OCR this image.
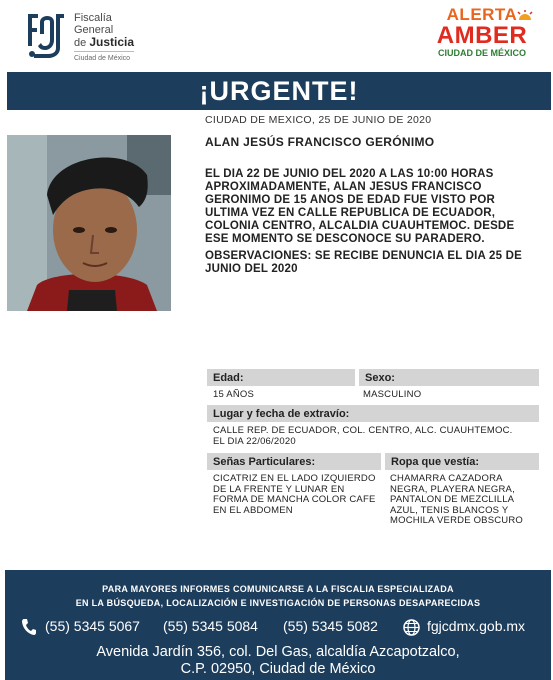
Fiscalía
General
de Justicia
Ciudad de México
ALERTA
AMBER
CIUDAD DE MÉXICO
¡URGENTE!
CIUDAD DE MEXICO, 25 DE JUNIO DE 2020
ALAN JESÚS FRANCISCO GERÓNIMO
EL DIA 22 DE JUNIO DEL 2020 A LAS 10:00 HORAS APROXIMADAMENTE, ALAN JESUS FRANCISCO GERONIMO DE 15 ANOS DE EDAD FUE VISTO POR ULTIMA VEZ EN CALLE REPUBLICA DE ECUADOR, COLONIA CENTRO, ALCALDIA CUAUHTEMOC. DESDE ESE MOMENTO SE DESCONOCE SU PARADERO.
OBSERVACIONES: SE RECIBE DENUNCIA EL DIA 25 DE JUNIO DEL 2020
Edad:	Sexo:
15 AÑOS	MASCULINO
Lugar y fecha de extravío:
CALLE REP. DE ECUADOR, COL. CENTRO, ALC. CUAUHTEMOC. EL DIA 22/06/2020
Señas Particulares:	Ropa que vestía:
CICATRIZ EN EL LADO IZQUIERDO DE LA FRENTE Y LUNAR EN FORMA DE MANCHA COLOR CAFE EN EL ABDOMEN
CHAMARRA CAZADORA NEGRA, PLAYERA NEGRA, PANTALON DE MEZCLILLA AZUL, TENIS BLANCOS Y MOCHILA VERDE OBSCURO
PARA MAYORES INFORMES COMUNICARSE A LA FISCALIA ESPECIALIZADA
EN LA BÚSQUEDA, LOCALIZACIÓN E INVESTIGACIÓN DE PERSONAS DESAPARECIDAS
(55) 5345 5067 (55) 5345 5084 (55) 5345 5082	fgjcdmx.gob.mx
Avenida Jardín 356, col. Del Gas, alcaldía Azcapotzalco,
C.P. 02950, Ciudad de México
